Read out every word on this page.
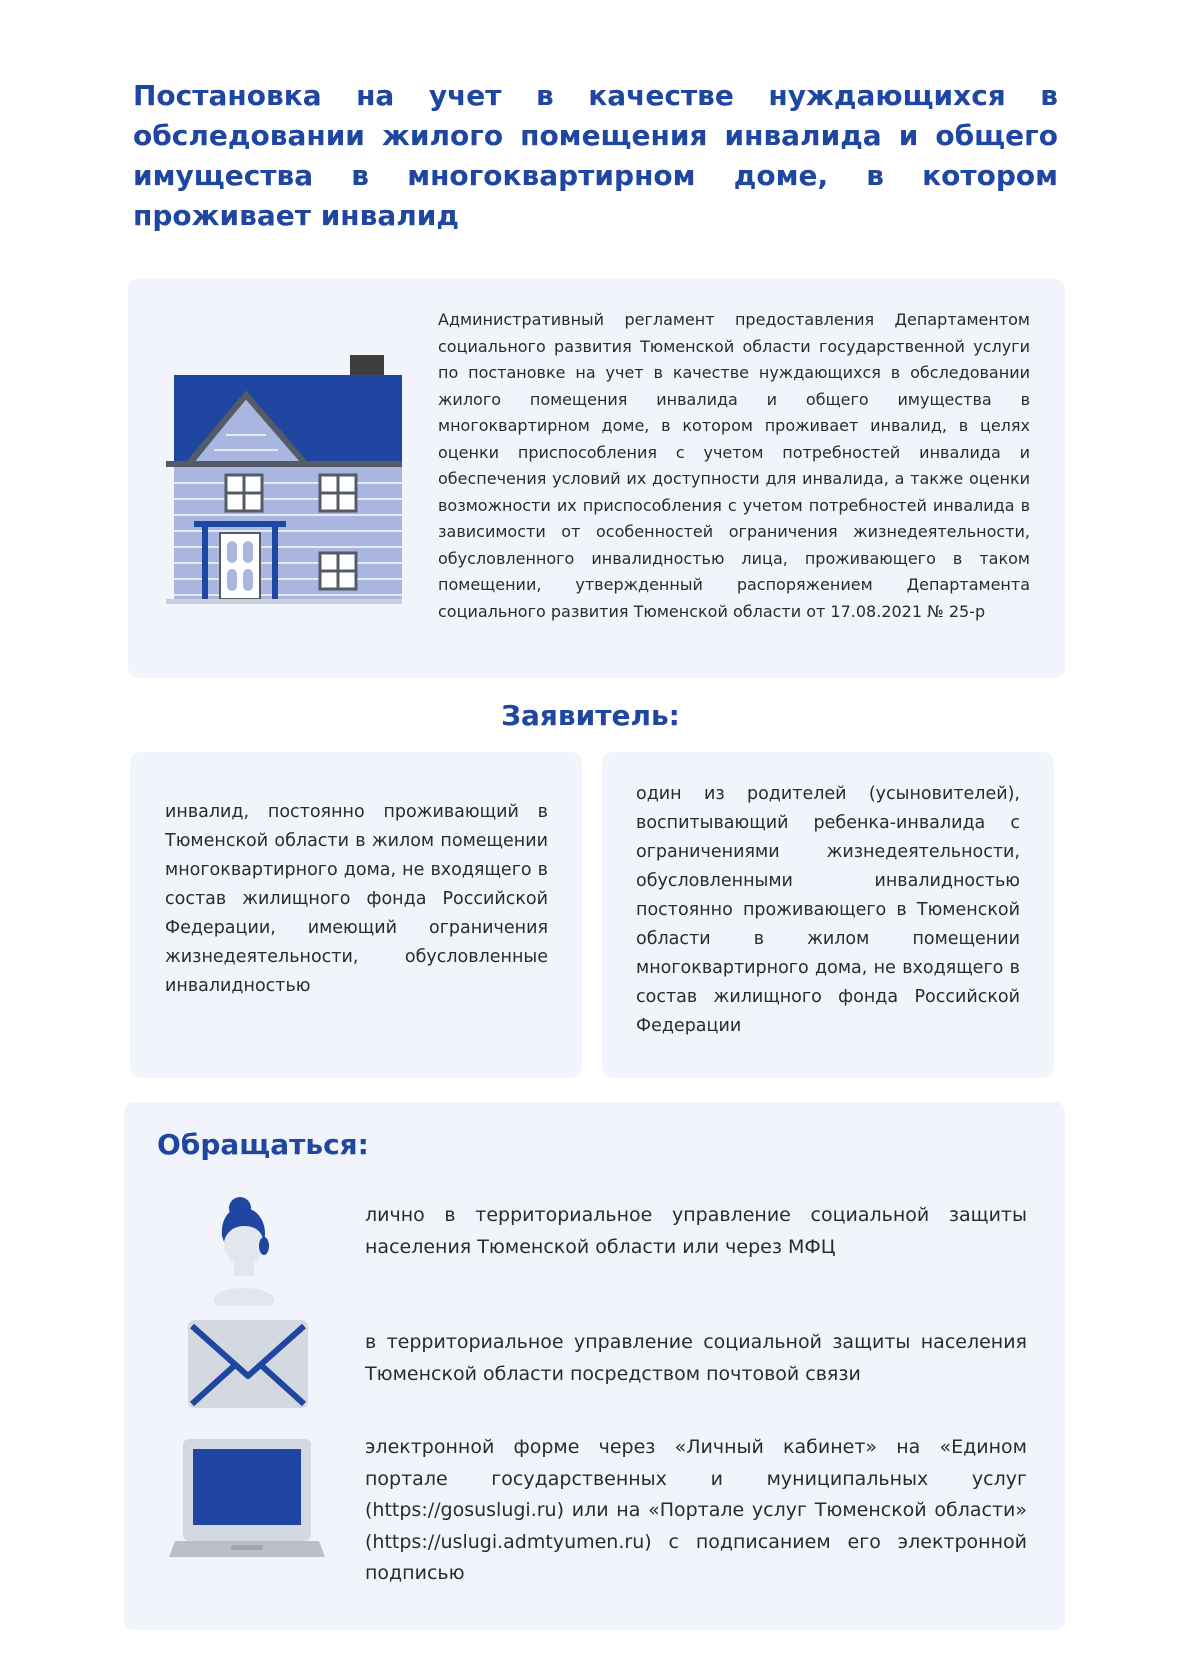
Постановка на учет в качестве нуждающихся в обследовании жилого помещения инвалида и общего имущества в многоквартирном доме, в котором проживает инвалид

Административный регламент предоставления Департаментом социального развития Тюменской области государственной услуги по постановке на учет в качестве нуждающихся в обследовании жилого помещения инвалида и общего имущества в многоквартирном доме, в котором проживает инвалид, в целях оценки приспособления с учетом потребностей инвалида и обеспечения условий их доступности для инвалида, а также оценки возможности их приспособления с учетом потребностей инвалида в зависимости от особенностей ограничения жизнедеятельности, обусловленного инвалидностью лица, проживающего в таком помещении, утвержденный распоряжением Департамента социального развития Тюменской области от 17.08.2021 № 25-р

Заявитель:

инвалид, постоянно проживающий в Тюменской области в жилом помещении многоквартирного дома, не входящего в состав жилищного фонда Российской Федерации, имеющий ограничения жизнедеятельности, обусловленные инвалидностью

один из родителей (усыновителей), воспитывающий ребенка-инвалида с ограничениями жизнедеятельности, обусловленными инвалидностью постоянно проживающего в Тюменской области в жилом помещении многоквартирного дома, не входящего в состав жилищного фонда Российской Федерации

Обращаться:

лично в территориальное управление социальной защиты населения Тюменской области или через МФЦ

в территориальное управление социальной защиты населения Тюменской области посредством почтовой связи

электронной форме через «Личный кабинет» на «Едином портале государственных и муниципальных услуг (https://gosuslugi.ru) или на «Портале услуг Тюменской области» (https://uslugi.admtyumen.ru) с подписанием его электронной подписью
